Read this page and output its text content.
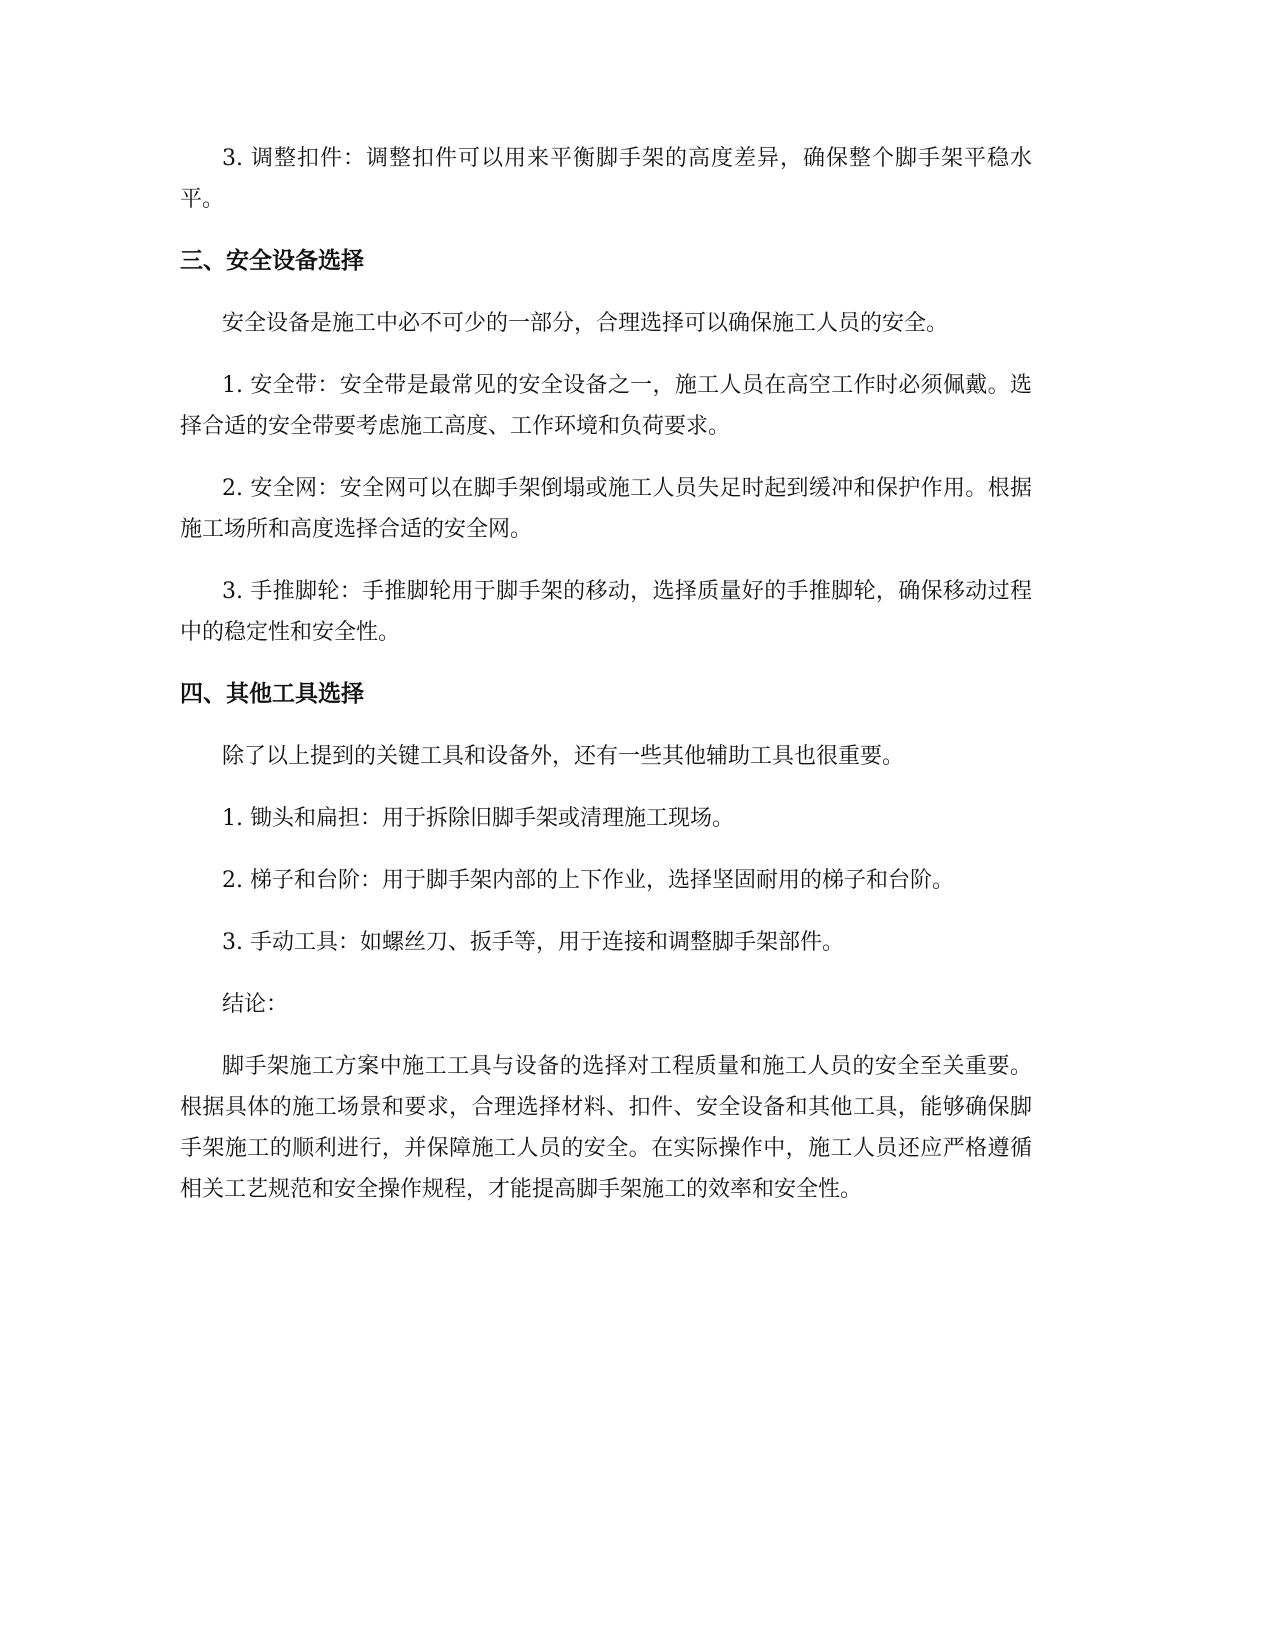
3. 调整扣件：调整扣件可以用来平衡脚手架的高度差异，确保整个脚手架平稳水平。

三、安全设备选择

安全设备是施工中必不可少的一部分，合理选择可以确保施工人员的安全。

1. 安全带：安全带是最常见的安全设备之一，施工人员在高空工作时必须佩戴。选择合适的安全带要考虑施工高度、工作环境和负荷要求。

2. 安全网：安全网可以在脚手架倒塌或施工人员失足时起到缓冲和保护作用。根据施工场所和高度选择合适的安全网。

3. 手推脚轮：手推脚轮用于脚手架的移动，选择质量好的手推脚轮，确保移动过程中的稳定性和安全性。

四、其他工具选择

除了以上提到的关键工具和设备外，还有一些其他辅助工具也很重要。

1. 锄头和扁担：用于拆除旧脚手架或清理施工现场。

2. 梯子和台阶：用于脚手架内部的上下作业，选择坚固耐用的梯子和台阶。

3. 手动工具：如螺丝刀、扳手等，用于连接和调整脚手架部件。

结论：

脚手架施工方案中施工工具与设备的选择对工程质量和施工人员的安全至关重要。根据具体的施工场景和要求，合理选择材料、扣件、安全设备和其他工具，能够确保脚手架施工的顺利进行，并保障施工人员的安全。在实际操作中，施工人员还应严格遵循相关工艺规范和安全操作规程，才能提高脚手架施工的效率和安全性。
